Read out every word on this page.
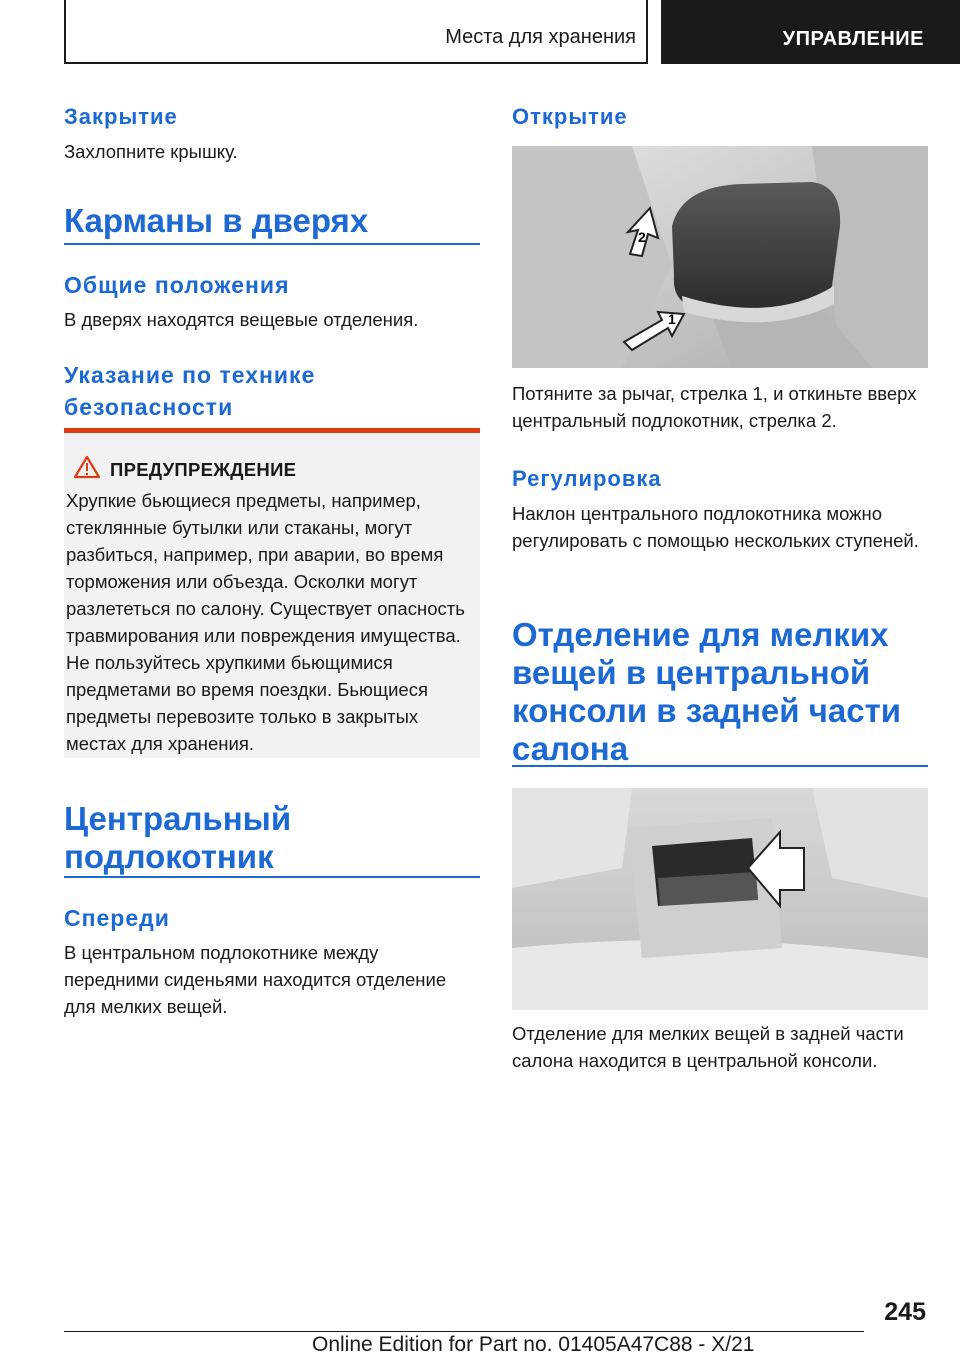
Места для хранения	УПРАВЛЕНИЕ
Закрытие
Захлопните крышку.
Карманы в дверях
Общие положения
В дверях находятся вещевые отделения.
Указание по технике безопасности
ПРЕДУПРЕЖДЕНИЕ
Хрупкие бьющиеся предметы, например, стеклянные бутылки или стаканы, могут разбиться, например, при аварии, во время торможения или объезда. Осколки могут разлететься по салону. Существует опасность травмирования или повреждения имущества. Не пользуйтесь хрупкими бьющимися предметами во время поездки. Бьющиеся предметы перевозите только в закрытых местах для хранения.
Центральный подлокотник
Спереди
В центральном подлокотнике между передними сиденьями находится отделение для мелких вещей.
Открытие
2
1
Потяните за рычаг, стрелка 1, и откиньте вверх центральный подлокотник, стрелка 2.
Регулировка
Наклон центрального подлокотника можно регулировать с помощью нескольких ступеней.
Отделение для мелких вещей в центральной консоли в задней части салона
Отделение для мелких вещей в задней части салона находится в центральной консоли.
245
Online Edition for Part no. 01405A47C88 - X/21
